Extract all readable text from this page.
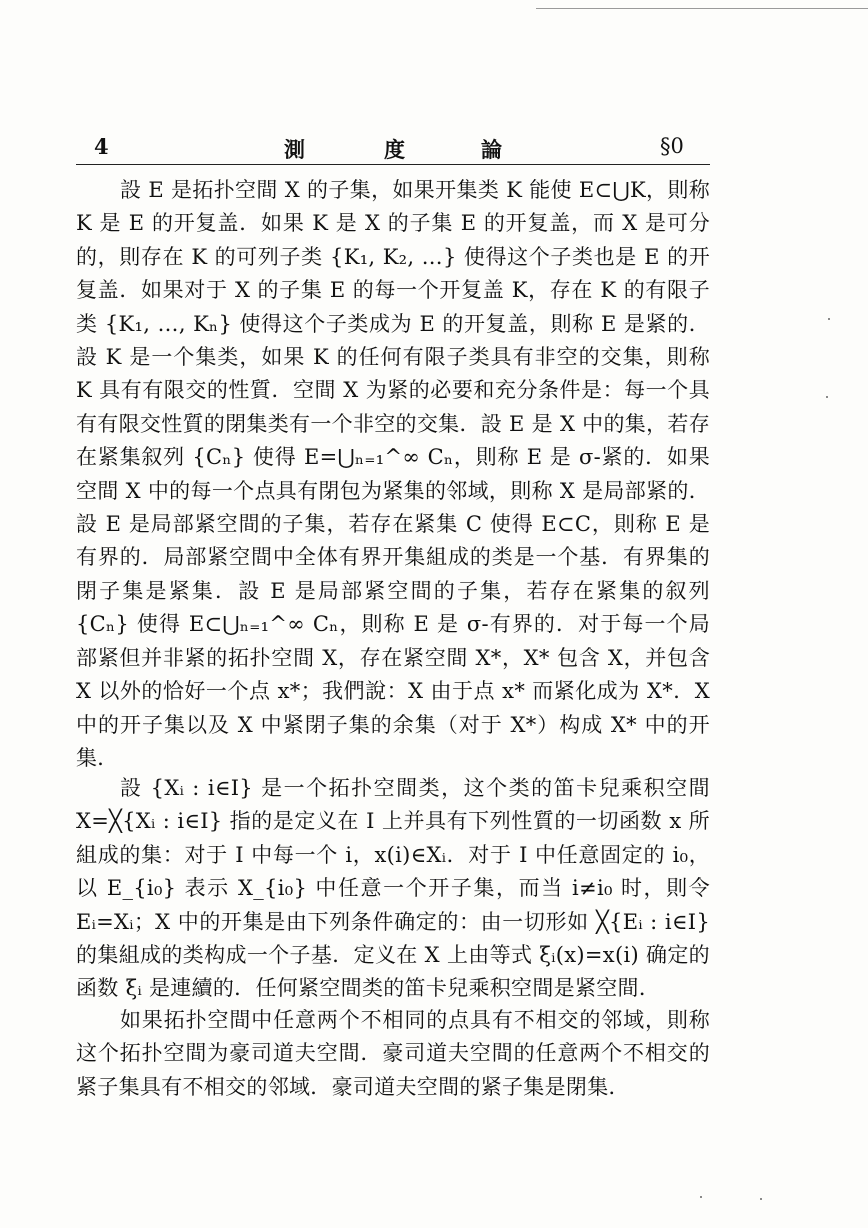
4	測	度	論	§0
設 E 是拓扑空間 X 的子集，如果开集类 K 能使 E⊂⋃K，則称 K 是 E 的开复盖．如果 K 是 X 的子集 E 的开复盖，而 X 是可分的，則存在 K 的可列子类 {K₁, K₂, …} 使得这个子类也是 E 的开复盖．如果对于 X 的子集 E 的每一个开复盖 K，存在 K 的有限子类 {K₁, …, Kₙ} 使得这个子类成为 E 的开复盖，則称 E 是紧的．設 K 是一个集类，如果 K 的任何有限子类具有非空的交集，則称 K 具有有限交的性質．空間 X 为紧的必要和充分条件是：每一个具有有限交性質的閉集类有一个非空的交集．設 E 是 X 中的集，若存在紧集叙列 {Cₙ} 使得 E=⋃ₙ₌₁^∞ Cₙ，則称 E 是 σ-紧的．如果空間 X 中的每一个点具有閉包为紧集的邻域，則称 X 是局部紧的．設 E 是局部紧空間的子集，若存在紧集 C 使得 E⊂C，則称 E 是有界的．局部紧空間中全体有界开集組成的类是一个基．有界集的閉子集是紧集．設 E 是局部紧空間的子集，若存在紧集的叙列 {Cₙ} 使得 E⊂⋃ₙ₌₁^∞ Cₙ，則称 E 是 σ-有界的．对于每一个局部紧但并非紧的拓扑空間 X，存在紧空間 X*，X* 包含 X，并包含 X 以外的恰好一个点 x*；我們說：X 由于点 x* 而紧化成为 X*．X 中的开子集以及 X 中紧閉子集的余集（对于 X*）构成 X* 中的开集．
設 {Xᵢ : i∈I} 是一个拓扑空間类，这个类的笛卡兒乘积空間 X=╳{Xᵢ : i∈I} 指的是定义在 I 上并具有下列性質的一切函数 x 所組成的集：对于 I 中每一个 i，x(i)∈Xᵢ．对于 I 中任意固定的 i₀，以 E_{i₀} 表示 X_{i₀} 中任意一个开子集，而当 i≠i₀ 时，則令 Eᵢ=Xᵢ；X 中的开集是由下列条件确定的：由一切形如 ╳{Eᵢ : i∈I} 的集組成的类构成一个子基．定义在 X 上由等式 ξᵢ(x)=x(i) 确定的函数 ξᵢ 是連續的．任何紧空間类的笛卡兒乘积空間是紧空間．
如果拓扑空間中任意两个不相同的点具有不相交的邻域，則称这个拓扑空間为豪司道夫空間．豪司道夫空間的任意两个不相交的紧子集具有不相交的邻域．豪司道夫空間的紧子集是閉集．
